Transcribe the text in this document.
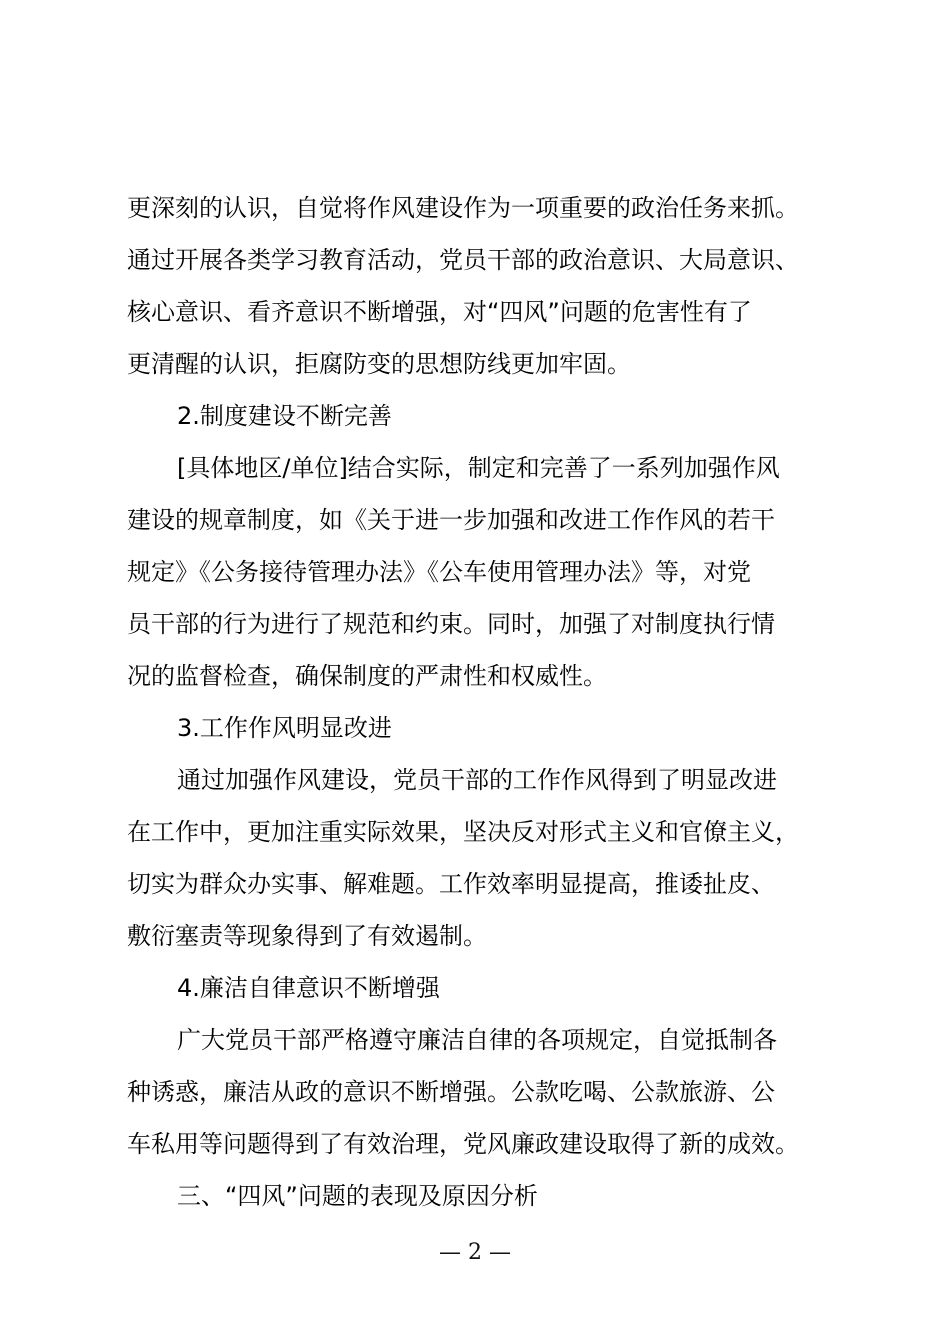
更深刻的认识，自觉将作风建设作为一项重要的政治任务来抓。
通过开展各类学习教育活动，党员干部的政治意识、大局意识、
核心意识、看齐意识不断增强，对“四风”问题的危害性有了
更清醒的认识，拒腐防变的思想防线更加牢固。
2.制度建设不断完善
[具体地区/单位]结合实际，制定和完善了一系列加强作风
建设的规章制度，如《关于进一步加强和改进工作作风的若干
规定》《公务接待管理办法》《公车使用管理办法》等，对党
员干部的行为进行了规范和约束。同时，加强了对制度执行情
况的监督检查，确保制度的严肃性和权威性。
3.工作作风明显改进
通过加强作风建设，党员干部的工作作风得到了明显改进
在工作中，更加注重实际效果，坚决反对形式主义和官僚主义，
切实为群众办实事、解难题。工作效率明显提高，推诿扯皮、
敷衍塞责等现象得到了有效遏制。
4.廉洁自律意识不断增强
广大党员干部严格遵守廉洁自律的各项规定，自觉抵制各
种诱惑，廉洁从政的意识不断增强。公款吃喝、公款旅游、公
车私用等问题得到了有效治理，党风廉政建设取得了新的成效。
三、“四风”问题的表现及原因分析
— 2 —
